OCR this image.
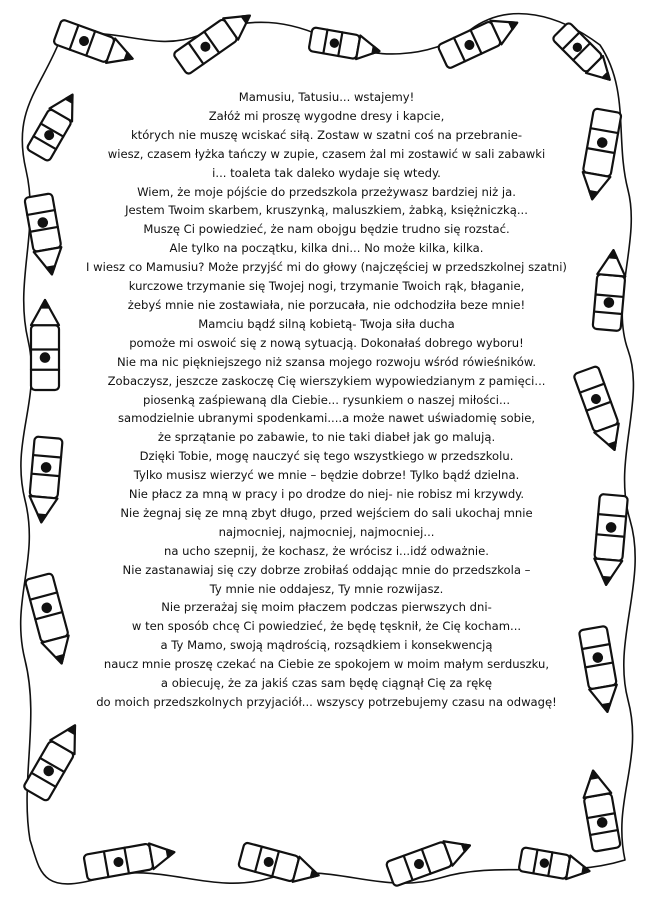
Mamusiu, Tatusiu... wstajemy!
Załóż mi proszę wygodne dresy i kapcie,
których nie muszę wciskać siłą. Zostaw w szatni coś na przebranie-
wiesz, czasem łyżka tańczy w zupie, czasem żal mi zostawić w sali zabawki
i... toaleta tak daleko wydaje się wtedy.
Wiem, że moje pójście do przedszkola przeżywasz bardziej niż ja.
Jestem Twoim skarbem, kruszynką, maluszkiem, żabką, księżniczką...
Muszę Ci powiedzieć, że nam obojgu będzie trudno się rozstać.
Ale tylko na początku, kilka dni... No może kilka, kilka.
I wiesz co Mamusiu? Może przyjść mi do głowy (najczęściej w przedszkolnej szatni)
kurczowe trzymanie się Twojej nogi, trzymanie Twoich rąk, błaganie,
żebyś mnie nie zostawiała, nie porzucała, nie odchodziła beze mnie!
Mamciu bądź silną kobietą- Twoja siła ducha
pomoże mi oswoić się z nową sytuacją. Dokonałaś dobrego wyboru!
Nie ma nic piękniejszego niż szansa mojego rozwoju wśród rówieśników.
Zobaczysz, jeszcze zaskoczę Cię wierszykiem wypowiedzianym z pamięci...
piosenką zaśpiewaną dla Ciebie... rysunkiem o naszej miłości...
samodzielnie ubranymi spodenkami....a może nawet uświadomię sobie,
że sprzątanie po zabawie, to nie taki diabeł jak go malują.
Dzięki Tobie, mogę nauczyć się tego wszystkiego w przedszkolu.
Tylko musisz wierzyć we mnie – będzie dobrze! Tylko bądź dzielna.
Nie płacz za mną w pracy i po drodze do niej- nie robisz mi krzywdy.
Nie żegnaj się ze mną zbyt długo, przed wejściem do sali ukochaj mnie
najmocniej, najmocniej, najmocniej...
na ucho szepnij, że kochasz, że wrócisz i...idź odważnie.
Nie zastanawiaj się czy dobrze zrobiłaś oddając mnie do przedszkola –
Ty mnie nie oddajesz, Ty mnie rozwijasz.
Nie przerażaj się moim płaczem podczas pierwszych dni-
w ten sposób chcę Ci powiedzieć, że będę tęsknił, że Cię kocham...
a Ty Mamo, swoją mądrością, rozsądkiem i konsekwencją
naucz mnie proszę czekać na Ciebie ze spokojem w moim małym serduszku,
a obiecuję, że za jakiś czas sam będę ciągnął Cię za rękę
do moich przedszkolnych przyjaciół... wszyscy potrzebujemy czasu na odwagę!
